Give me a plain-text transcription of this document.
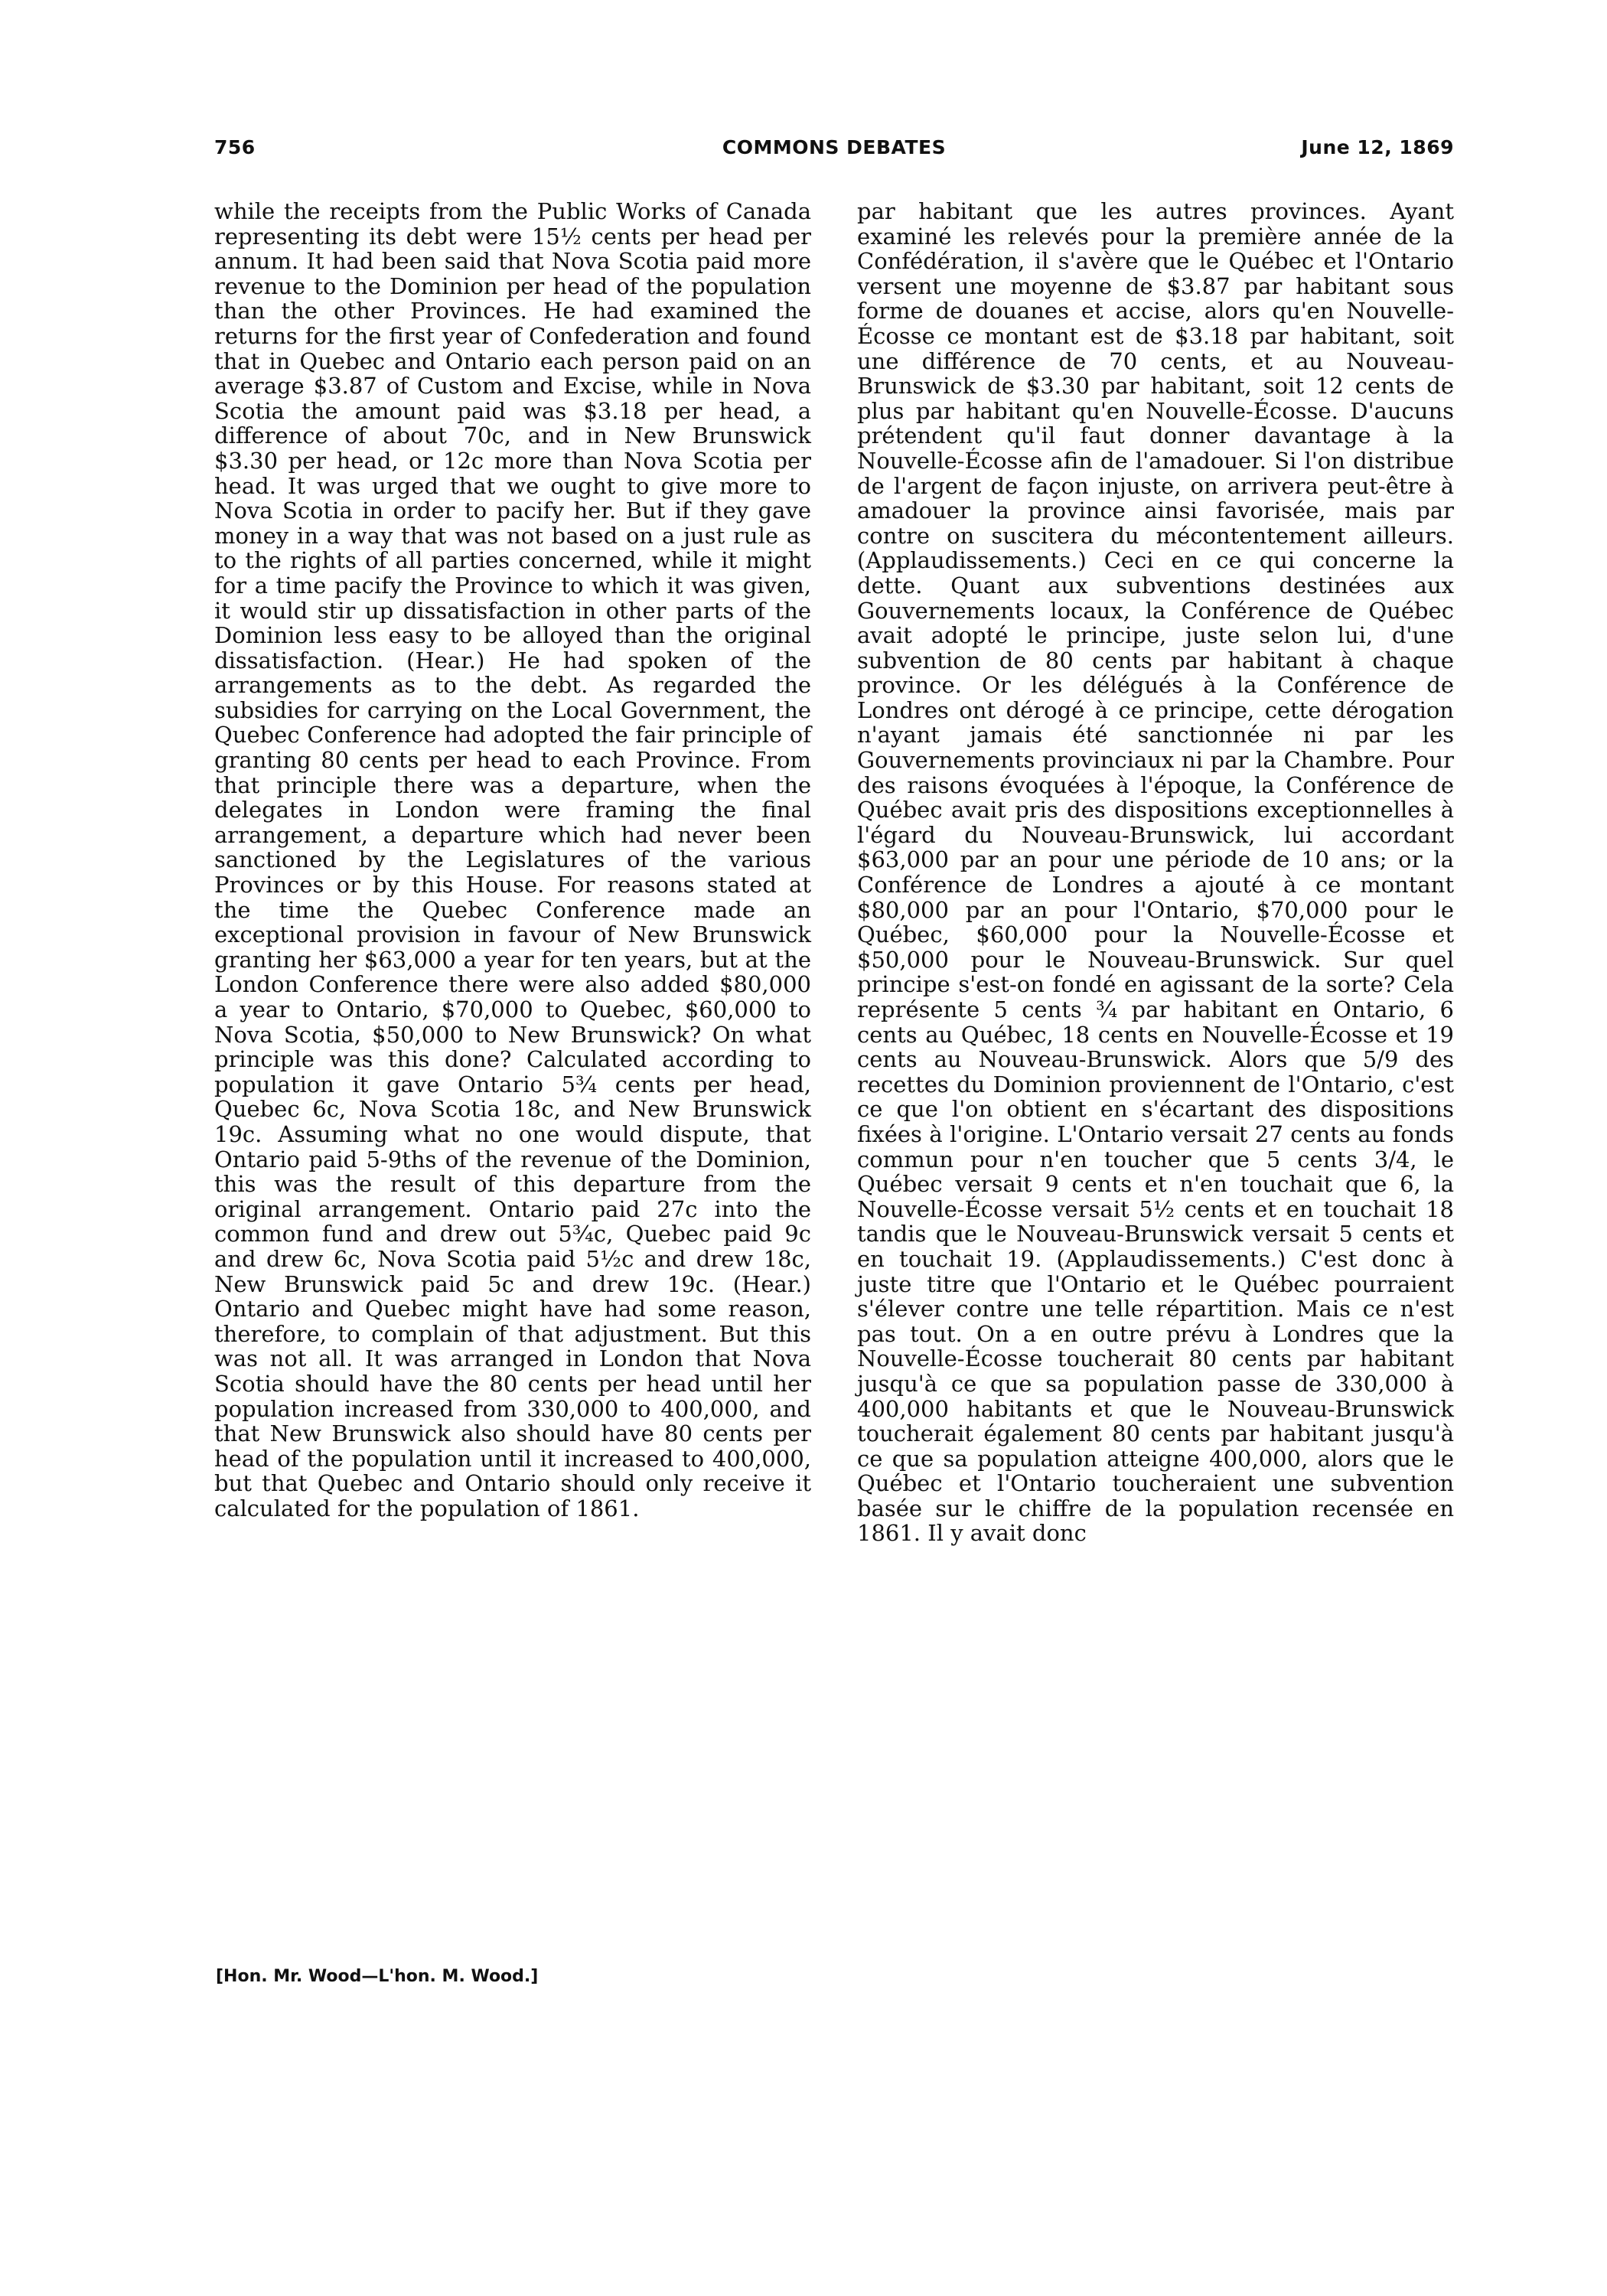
756	COMMONS DEBATES	June 12, 1869
while the receipts from the Public Works of Canada representing its debt were 15½ cents per head per annum. It had been said that Nova Scotia paid more revenue to the Dominion per head of the population than the other Provinces. He had examined the returns for the first year of Confederation and found that in Quebec and Ontario each person paid on an average $3.87 of Custom and Excise, while in Nova Scotia the amount paid was $3.18 per head, a difference of about 70c, and in New Brunswick $3.30 per head, or 12c more than Nova Scotia per head. It was urged that we ought to give more to Nova Scotia in order to pacify her. But if they gave money in a way that was not based on a just rule as to the rights of all parties concerned, while it might for a time pacify the Province to which it was given, it would stir up dissatisfaction in other parts of the Dominion less easy to be alloyed than the original dissatisfaction. (Hear.) He had spoken of the arrangements as to the debt. As regarded the subsidies for carrying on the Local Government, the Quebec Conference had adopted the fair principle of granting 80 cents per head to each Province. From that principle there was a departure, when the delegates in London were framing the final arrangement, a departure which had never been sanctioned by the Legislatures of the various Provinces or by this House. For reasons stated at the time the Quebec Conference made an exceptional provision in favour of New Brunswick granting her $63,000 a year for ten years, but at the London Conference there were also added $80,000 a year to Ontario, $70,000 to Quebec, $60,000 to Nova Scotia, $50,000 to New Brunswick? On what principle was this done? Calculated according to population it gave Ontario 5¾ cents per head, Quebec 6c, Nova Scotia 18c, and New Brunswick 19c. Assuming what no one would dispute, that Ontario paid 5-9ths of the revenue of the Dominion, this was the result of this departure from the original arrangement. Ontario paid 27c into the common fund and drew out 5¾c, Quebec paid 9c and drew 6c, Nova Scotia paid 5½c and drew 18c, New Brunswick paid 5c and drew 19c. (Hear.) Ontario and Quebec might have had some reason, therefore, to complain of that adjustment. But this was not all. It was arranged in London that Nova Scotia should have the 80 cents per head until her population increased from 330,000 to 400,000, and that New Brunswick also should have 80 cents per head of the population until it increased to 400,000, but that Quebec and Ontario should only receive it calculated for the population of 1861.
par habitant que les autres provinces. Ayant examiné les relevés pour la première année de la Confédération, il s'avère que le Québec et l'Ontario versent une moyenne de $3.87 par habitant sous forme de douanes et accise, alors qu'en Nouvelle-Écosse ce montant est de $3.18 par habitant, soit une différence de 70 cents, et au Nouveau-Brunswick de $3.30 par habitant, soit 12 cents de plus par habitant qu'en Nouvelle-Écosse. D'aucuns prétendent qu'il faut donner davantage à la Nouvelle-Écosse afin de l'amadouer. Si l'on distribue de l'argent de façon injuste, on arrivera peut-être à amadouer la province ainsi favorisée, mais par contre on suscitera du mécontentement ailleurs. (Applaudissements.) Ceci en ce qui concerne la dette. Quant aux subventions destinées aux Gouvernements locaux, la Conférence de Québec avait adopté le principe, juste selon lui, d'une subvention de 80 cents par habitant à chaque province. Or les délégués à la Conférence de Londres ont dérogé à ce principe, cette dérogation n'ayant jamais été sanctionnée ni par les Gouvernements provinciaux ni par la Chambre. Pour des raisons évoquées à l'époque, la Conférence de Québec avait pris des dispositions exceptionnelles à l'égard du Nouveau-Brunswick, lui accordant $63,000 par an pour une période de 10 ans; or la Conférence de Londres a ajouté à ce montant $80,000 par an pour l'Ontario, $70,000 pour le Québec, $60,000 pour la Nouvelle-Écosse et $50,000 pour le Nouveau-Brunswick. Sur quel principe s'est-on fondé en agissant de la sorte? Cela représente 5 cents ¾ par habitant en Ontario, 6 cents au Québec, 18 cents en Nouvelle-Écosse et 19 cents au Nouveau-Brunswick. Alors que 5/9 des recettes du Dominion proviennent de l'Ontario, c'est ce que l'on obtient en s'écartant des dispositions fixées à l'origine. L'Ontario versait 27 cents au fonds commun pour n'en toucher que 5 cents 3/4, le Québec versait 9 cents et n'en touchait que 6, la Nouvelle-Écosse versait 5½ cents et en touchait 18 tandis que le Nouveau-Brunswick versait 5 cents et en touchait 19. (Applaudissements.) C'est donc à juste titre que l'Ontario et le Québec pourraient s'élever contre une telle répartition. Mais ce n'est pas tout. On a en outre prévu à Londres que la Nouvelle-Écosse toucherait 80 cents par habitant jusqu'à ce que sa population passe de 330,000 à 400,000 habitants et que le Nouveau-Brunswick toucherait également 80 cents par habitant jusqu'à ce que sa population atteigne 400,000, alors que le Québec et l'Ontario toucheraient une subvention basée sur le chiffre de la population recensée en 1861. Il y avait donc
[Hon. Mr. Wood—L'hon. M. Wood.]
